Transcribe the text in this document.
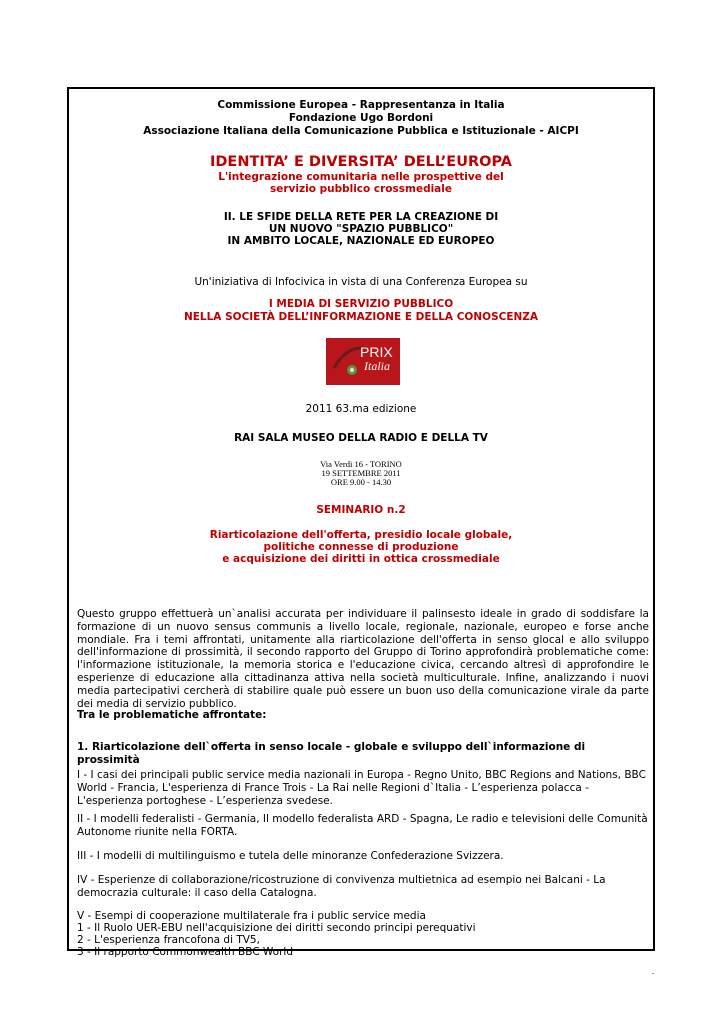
Commissione Europea - Rappresentanza in Italia
Fondazione Ugo Bordoni
Associazione Italiana della Comunicazione Pubblica e Istituzionale - AICPI
IDENTITA’ E DIVERSITA’ DELL’EUROPA
L'integrazione comunitaria nelle prospettive del
servizio pubblico crossmediale
II. LE SFIDE DELLA RETE PER LA CREAZIONE DI
UN NUOVO "SPAZIO PUBBLICO"
IN AMBITO LOCALE, NAZIONALE ED EUROPEO
Un'iniziativa di Infocivica in vista di una Conferenza Europea su
I MEDIA DI SERVIZIO PUBBLICO
NELLA SOCIETÀ DELL’INFORMAZIONE E DELLA CONOSCENZA
PRIX
Italia
2011 63.ma edizione
RAI SALA MUSEO DELLA RADIO E DELLA TV
Via Verdi 16 - TORINO
19 SETTEMBRE 2011
ORE 9.00 - 14.30
SEMINARIO n.2
Riarticolazione dell'offerta, presidio locale globale,
politiche connesse di produzione
e acquisizione dei diritti in ottica crossmediale
Questo gruppo effettuerà un`analisi accurata per individuare il palinsesto ideale in grado di soddisfare la formazione di un nuovo sensus communis a livello locale, regionale, nazionale, europeo e forse anche mondiale. Fra i temi affrontati, unitamente alla riarticolazione dell'offerta in senso glocal e allo sviluppo dell'informazione di prossimità, il secondo rapporto del Gruppo di Torino approfondirà problematiche come: l'informazione istituzionale, la memoria storica e l'educazione civica, cercando altresì di approfondire le esperienze di educazione alla cittadinanza attiva nella società multiculturale. Infine, analizzando i nuovi media partecipativi cercherà di stabilire quale può essere un buon uso della comunicazione virale da parte dei media di servizio pubblico.
Tra le problematiche affrontate:
1. Riarticolazione dell`offerta in senso locale - globale e sviluppo dell`informazione di prossimità
I - I casi dei principali public service media nazionali in Europa - Regno Unito, BBC Regions and Nations, BBC World - Francia, L'esperienza di France Trois - La Rai nelle Regioni d`Italia - L’esperienza polacca - L'esperienza portoghese - L’esperienza svedese.
II - I modelli federalisti - Germania, Il modello federalista ARD - Spagna, Le radio e televisioni delle Comunità Autonome riunite nella FORTA.
III - I modelli di multilinguismo e tutela delle minoranze Confederazione Svizzera.
IV - Esperienze di collaborazione/ricostruzione di convivenza multietnica ad esempio nei Balcani - La democrazia culturale: il caso della Catalogna.
V - Esempi di cooperazione multilaterale fra i public service media
1 - Il Ruolo UER-EBU nell'acquisizione dei diritti secondo principi perequativi
2 - L'esperienza francofona di TV5,
3 - Il rapporto Commonwealth BBC World
